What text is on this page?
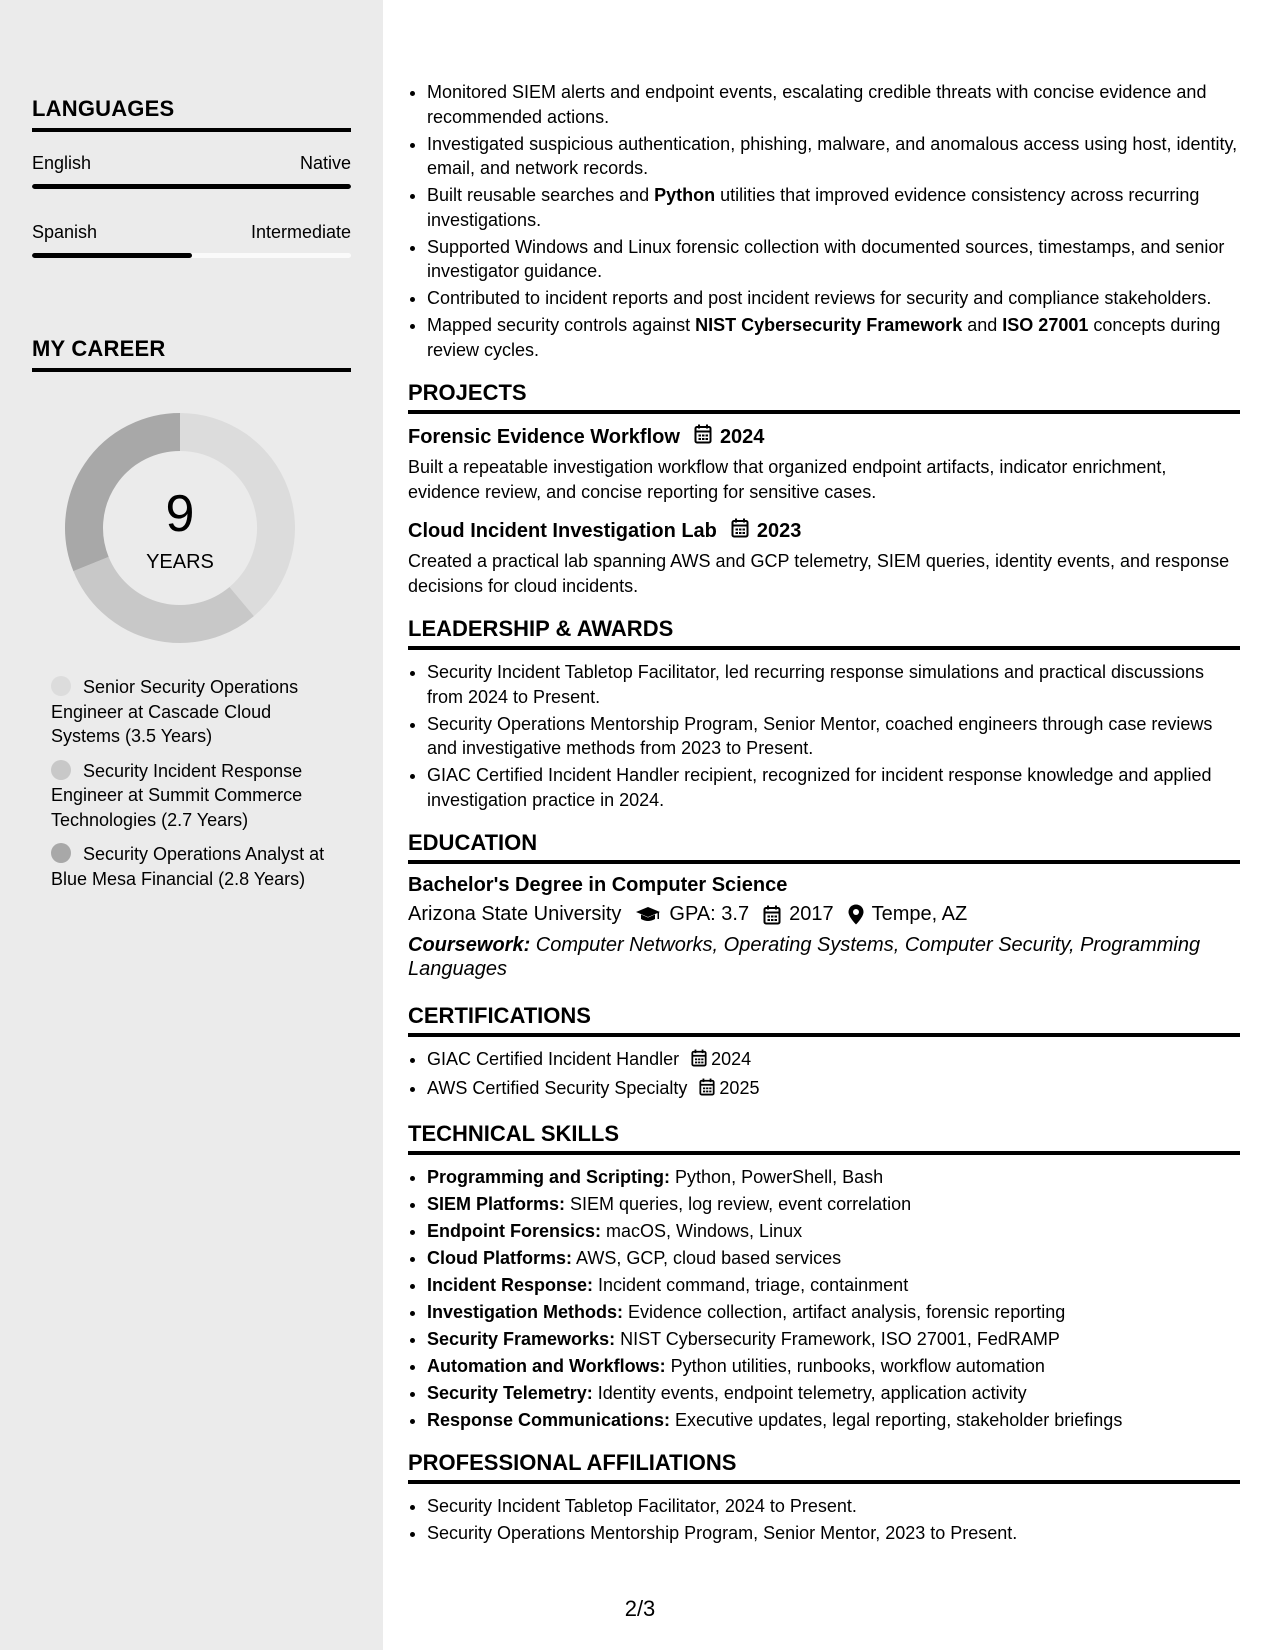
LANGUAGES
English	Native
Spanish	Intermediate
MY CAREER
9
YEARS
Senior Security Operations Engineer at Cascade Cloud Systems (3.5 Years)
Security Incident Response Engineer at Summit Commerce Technologies (2.7 Years)
Security Operations Analyst at Blue Mesa Financial (2.8 Years)
• Monitored SIEM alerts and endpoint events, escalating credible threats with concise evidence and recommended actions.
• Investigated suspicious authentication, phishing, malware, and anomalous access using host, identity, email, and network records.
• Built reusable searches and Python utilities that improved evidence consistency across recurring investigations.
• Supported Windows and Linux forensic collection with documented sources, timestamps, and senior investigator guidance.
• Contributed to incident reports and post incident reviews for security and compliance stakeholders.
• Mapped security controls against NIST Cybersecurity Framework and ISO 27001 concepts during review cycles.
PROJECTS
Forensic Evidence Workflow 2024
Built a repeatable investigation workflow that organized endpoint artifacts, indicator enrichment, evidence review, and concise reporting for sensitive cases.
Cloud Incident Investigation Lab 2023
Created a practical lab spanning AWS and GCP telemetry, SIEM queries, identity events, and response decisions for cloud incidents.
LEADERSHIP & AWARDS
• Security Incident Tabletop Facilitator, led recurring response simulations and practical discussions from 2024 to Present.
• Security Operations Mentorship Program, Senior Mentor, coached engineers through case reviews and investigative methods from 2023 to Present.
• GIAC Certified Incident Handler recipient, recognized for incident response knowledge and applied investigation practice in 2024.
EDUCATION
Bachelor's Degree in Computer Science
Arizona State University GPA: 3.7 2017 Tempe, AZ
Coursework: Computer Networks, Operating Systems, Computer Security, Programming Languages
CERTIFICATIONS
• GIAC Certified Incident Handler 2024
• AWS Certified Security Specialty 2025
TECHNICAL SKILLS
• Programming and Scripting: Python, PowerShell, Bash
• SIEM Platforms: SIEM queries, log review, event correlation
• Endpoint Forensics: macOS, Windows, Linux
• Cloud Platforms: AWS, GCP, cloud based services
• Incident Response: Incident command, triage, containment
• Investigation Methods: Evidence collection, artifact analysis, forensic reporting
• Security Frameworks: NIST Cybersecurity Framework, ISO 27001, FedRAMP
• Automation and Workflows: Python utilities, runbooks, workflow automation
• Security Telemetry: Identity events, endpoint telemetry, application activity
• Response Communications: Executive updates, legal reporting, stakeholder briefings
PROFESSIONAL AFFILIATIONS
• Security Incident Tabletop Facilitator, 2024 to Present.
• Security Operations Mentorship Program, Senior Mentor, 2023 to Present.
2/3
